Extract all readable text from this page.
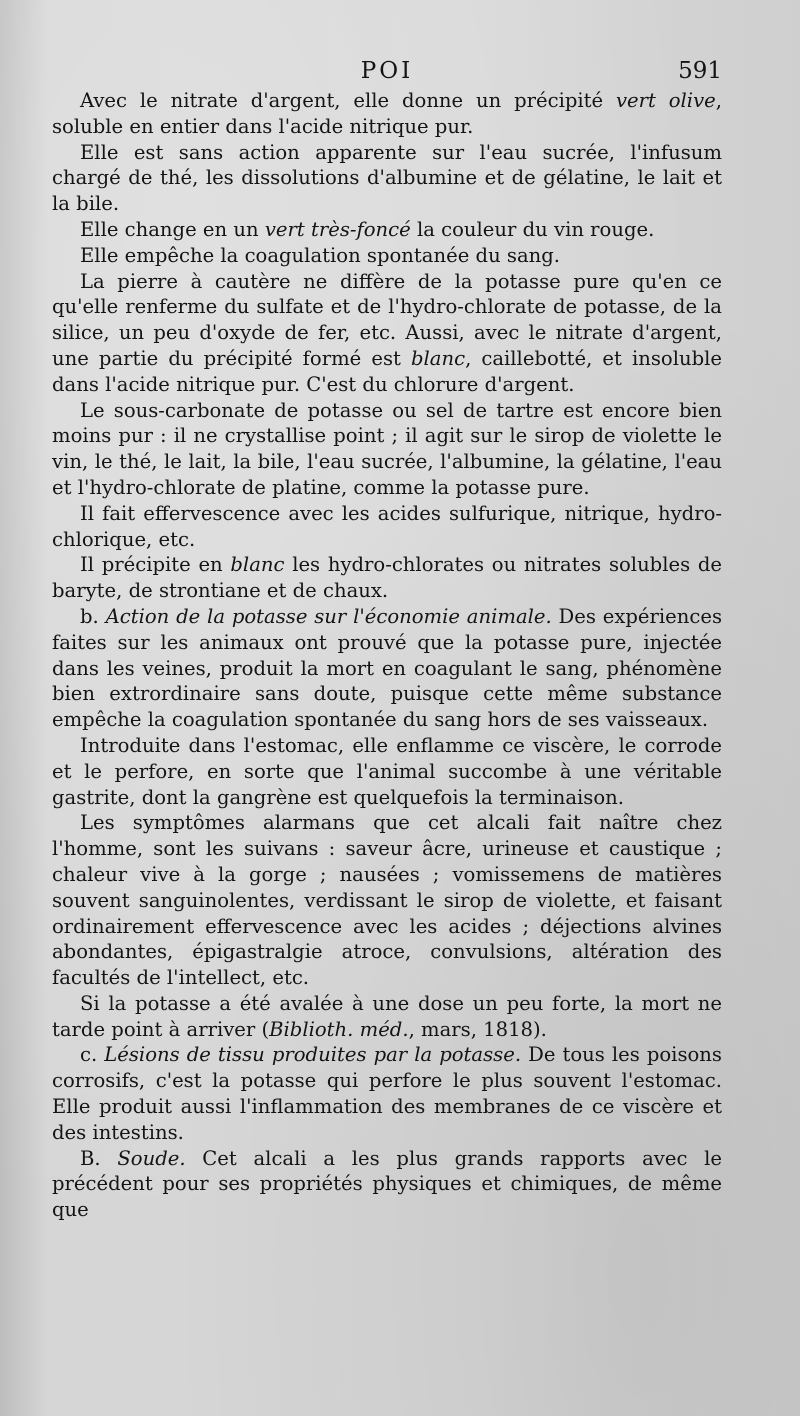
POI	591

Avec le nitrate d'argent, elle donne un précipité vert olive, soluble en entier dans l'acide nitrique pur.

Elle est sans action apparente sur l'eau sucrée, l'infusum chargé de thé, les dissolutions d'albumine et de gélatine, le lait et la bile.

Elle change en un vert très-foncé la couleur du vin rouge.

Elle empêche la coagulation spontanée du sang.

La pierre à cautère ne diffère de la potasse pure qu'en ce qu'elle renferme du sulfate et de l'hydro-chlorate de potasse, de la silice, un peu d'oxyde de fer, etc. Aussi, avec le nitrate d'argent, une partie du précipité formé est blanc, caillebotté, et insoluble dans l'acide nitrique pur. C'est du chlorure d'argent.

Le sous-carbonate de potasse ou sel de tartre est encore bien moins pur : il ne crystallise point ; il agit sur le sirop de violette le vin, le thé, le lait, la bile, l'eau sucrée, l'albumine, la gélatine, l'eau et l'hydro-chlorate de platine, comme la potasse pure.

Il fait effervescence avec les acides sulfurique, nitrique, hydro-chlorique, etc.

Il précipite en blanc les hydro-chlorates ou nitrates solubles de baryte, de strontiane et de chaux.

b. Action de la potasse sur l'économie animale. Des expériences faites sur les animaux ont prouvé que la potasse pure, injectée dans les veines, produit la mort en coagulant le sang, phénomène bien extrordinaire sans doute, puisque cette même substance empêche la coagulation spontanée du sang hors de ses vaisseaux.

Introduite dans l'estomac, elle enflamme ce viscère, le corrode et le perfore, en sorte que l'animal succombe à une véritable gastrite, dont la gangrène est quelquefois la terminaison.

Les symptômes alarmans que cet alcali fait naître chez l'homme, sont les suivans : saveur âcre, urineuse et caustique ; chaleur vive à la gorge ; nausées ; vomissemens de matières souvent sanguinolentes, verdissant le sirop de violette, et faisant ordinairement effervescence avec les acides ; déjections alvines abondantes, épigastralgie atroce, convulsions, altération des facultés de l'intellect, etc.

Si la potasse a été avalée à une dose un peu forte, la mort ne tarde point à arriver (Biblioth. méd., mars, 1818).

c. Lésions de tissu produites par la potasse. De tous les poisons corrosifs, c'est la potasse qui perfore le plus souvent l'estomac. Elle produit aussi l'inflammation des membranes de ce viscère et des intestins.

B. Soude. Cet alcali a les plus grands rapports avec le précédent pour ses propriétés physiques et chimiques, de même que
